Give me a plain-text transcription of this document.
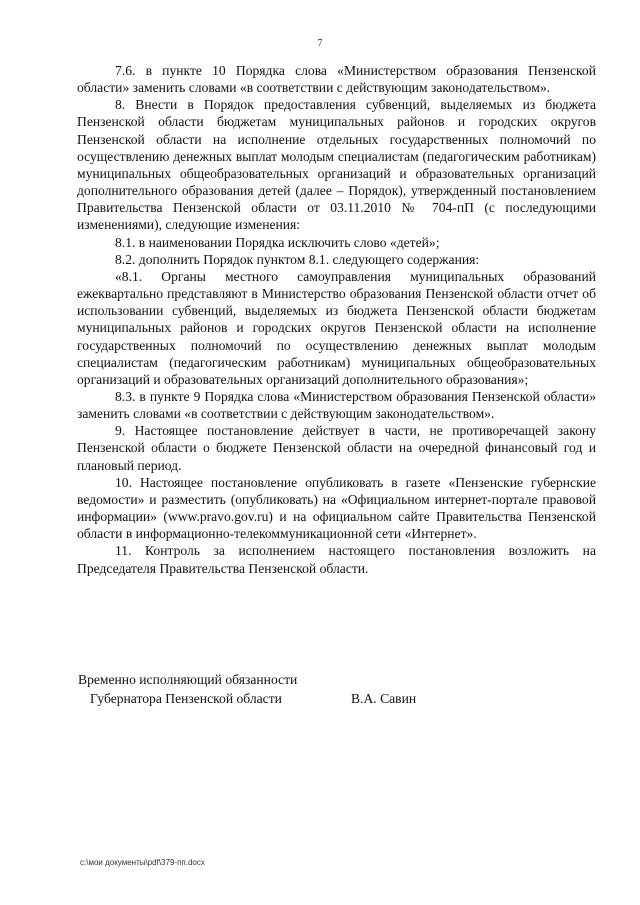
7

7.6. в пункте 10 Порядка слова «Министерством образования Пензенской области» заменить словами «в соответствии с действующим законодательством».

8. Внести в Порядок предоставления субвенций, выделяемых из бюджета Пензенской области бюджетам муниципальных районов и городских округов Пензенской области на исполнение отдельных государственных полномочий по осуществлению денежных выплат молодым специалистам (педагогическим работникам) муниципальных общеобразовательных организаций и образовательных организаций дополнительного образования детей (далее – Порядок), утвержденный постановлением Правительства Пензенской области от 03.11.2010 № 704-пП (с последующими изменениями), следующие изменения:

8.1. в наименовании Порядка исключить слово «детей»;

8.2. дополнить Порядок пунктом 8.1. следующего содержания:

«8.1. Органы местного самоуправления муниципальных образований ежеквартально представляют в Министерство образования Пензенской области отчет об использовании субвенций, выделяемых из бюджета Пензенской области бюджетам муниципальных районов и городских округов Пензенской области на исполнение государственных полномочий по осуществлению денежных выплат молодым специалистам (педагогическим работникам) муниципальных общеобразовательных организаций и образовательных организаций дополнительного образования»;

8.3. в пункте 9 Порядка слова «Министерством образования Пензенской области» заменить словами «в соответствии с действующим законодательством».

9. Настоящее постановление действует в части, не противоречащей закону Пензенской области о бюджете Пензенской области на очередной финансовый год и плановый период.

10. Настоящее постановление опубликовать в газете «Пензенские губернские ведомости» и разместить (опубликовать) на «Официальном интернет-портале правовой информации» (www.pravo.gov.ru) и на официальном сайте Правительства Пензенской области в информационно-телекоммуникационной сети «Интернет».

11. Контроль за исполнением настоящего постановления возложить на Председателя Правительства Пензенской области.

Временно исполняющий обязанности
Губернатора Пензенской области	В.А. Савин
c:\мои документы\pdf\379-пп.docx
